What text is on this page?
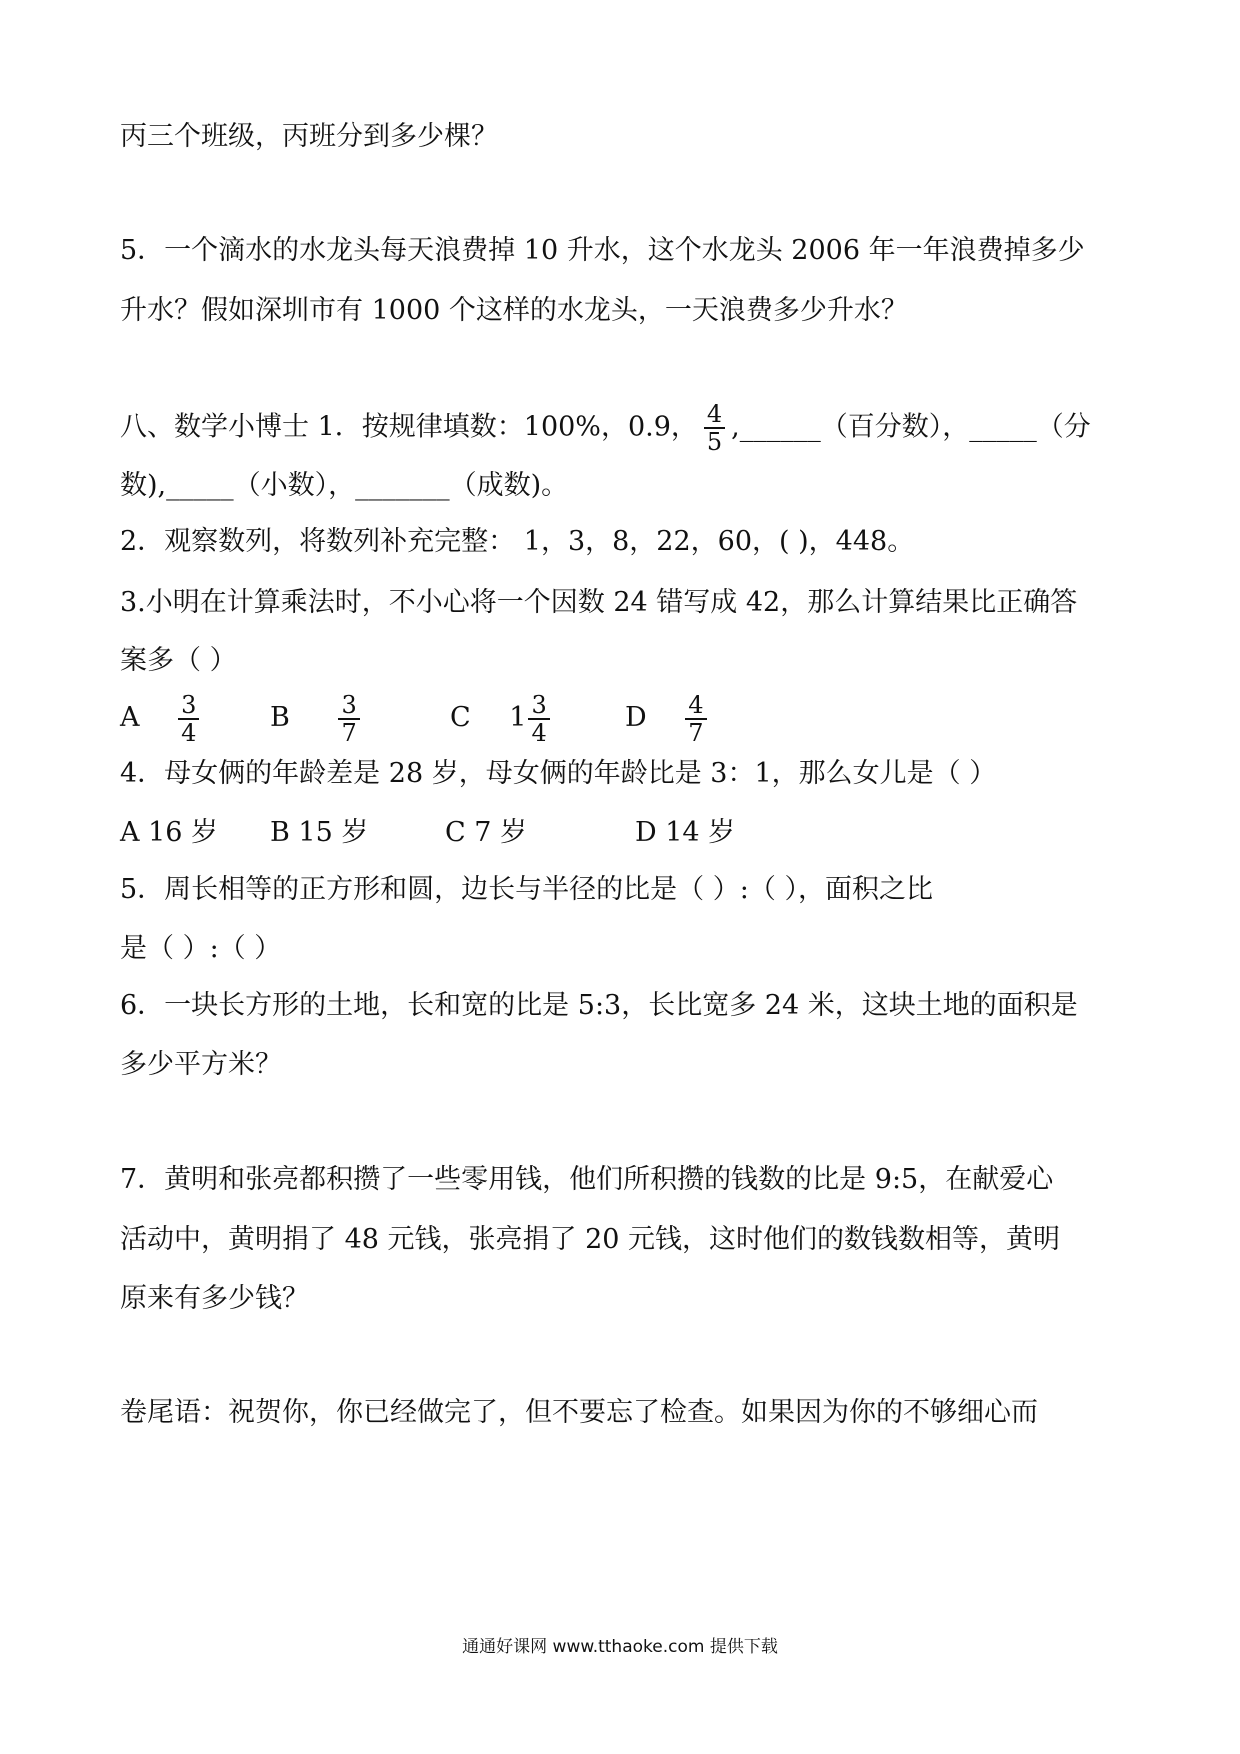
丙三个班级，丙班分到多少棵？
5．一个滴水的水龙头每天浪费掉 10 升水，这个水龙头 2006 年一年浪费掉多少
升水？假如深圳市有 1000 个这样的水龙头，一天浪费多少升水？
八、数学小博士 1．按规律填数：100%，0.9， $\frac{4}{5}$ ,______（百分数），_____（分
数),_____（小数），_______（成数)。
2．观察数列，将数列补充完整： 1，3，8，22，60，( )，448。
3.小明在计算乘法时，不小心将一个因数 24 错写成 42，那么计算结果比正确答
案多（ ）
A $\frac{3}{4}$	B $\frac{3}{7}$	C $1 \frac{3}{4}$	D $\frac{4}{7}$
4．母女俩的年龄差是 28 岁，母女俩的年龄比是 3：1，那么女儿是（ ）
A 16 岁 B 15 岁	C 7 岁	D 14 岁
5．周长相等的正方形和圆，边长与半径的比是（ ）:（ ），面积之比
是（ ）:（ ）
6．一块长方形的土地，长和宽的比是 5:3，长比宽多 24 米，这块土地的面积是
多少平方米？
7．黄明和张亮都积攒了一些零用钱，他们所积攒的钱数的比是 9:5，在献爱心
活动中，黄明捐了 48 元钱，张亮捐了 20 元钱，这时他们的数钱数相等，黄明
原来有多少钱？
卷尾语：祝贺你，你已经做完了，但不要忘了检查。如果因为你的不够细心而
通通好课网 www.tthaoke.com 提供下载
